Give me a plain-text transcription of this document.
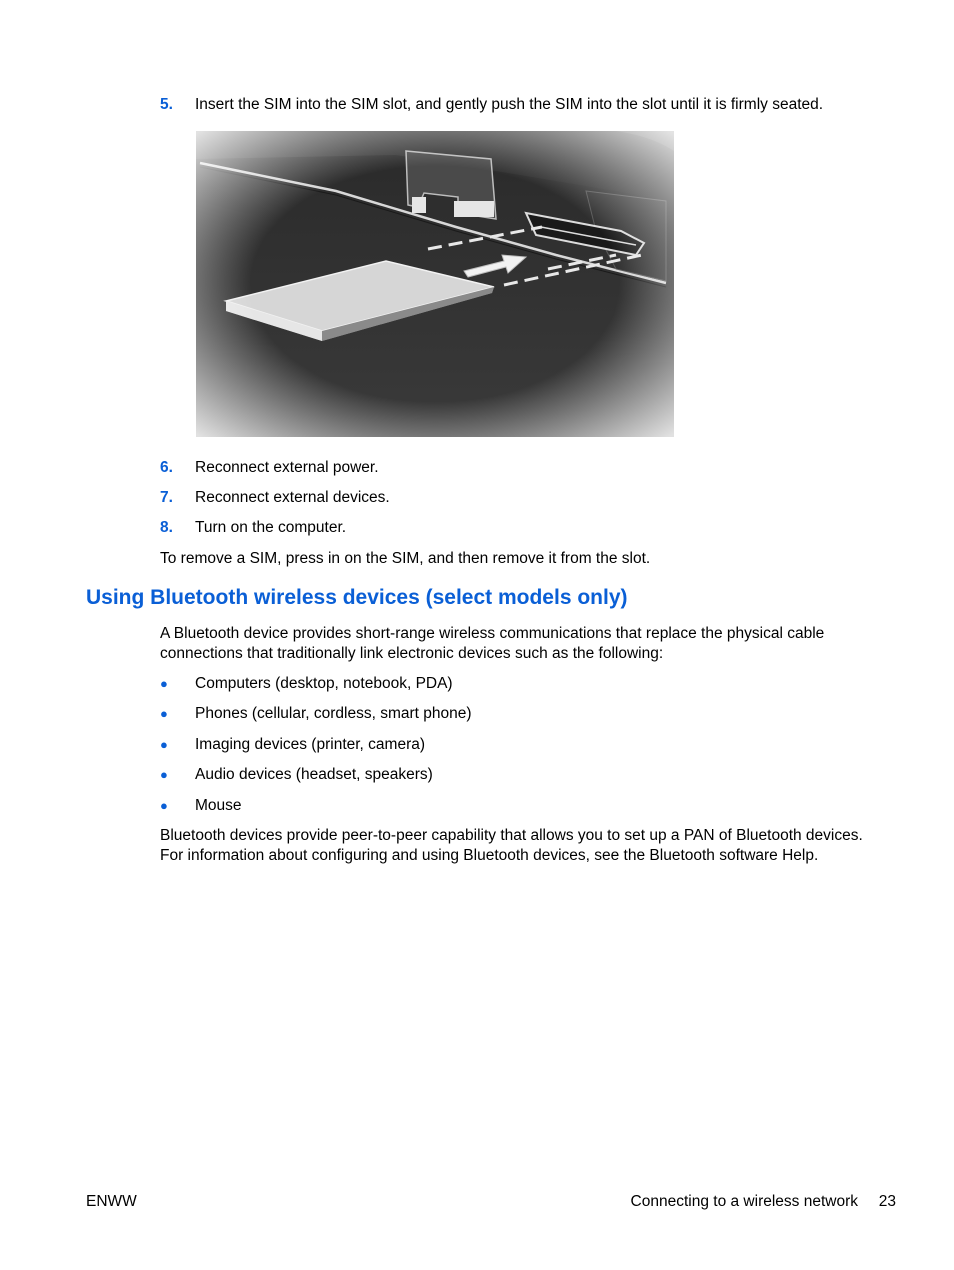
5. Insert the SIM into the SIM slot, and gently push the SIM into the slot until it is firmly seated.
6. Reconnect external power.
7. Reconnect external devices.
8. Turn on the computer.
To remove a SIM, press in on the SIM, and then remove it from the slot.
Using Bluetooth wireless devices (select models only)
A Bluetooth device provides short-range wireless communications that replace the physical cable connections that traditionally link electronic devices such as the following:
● Computers (desktop, notebook, PDA)
● Phones (cellular, cordless, smart phone)
● Imaging devices (printer, camera)
● Audio devices (headset, speakers)
● Mouse
Bluetooth devices provide peer-to-peer capability that allows you to set up a PAN of Bluetooth devices. For information about configuring and using Bluetooth devices, see the Bluetooth software Help.
ENWW	Connecting to a wireless network 23
